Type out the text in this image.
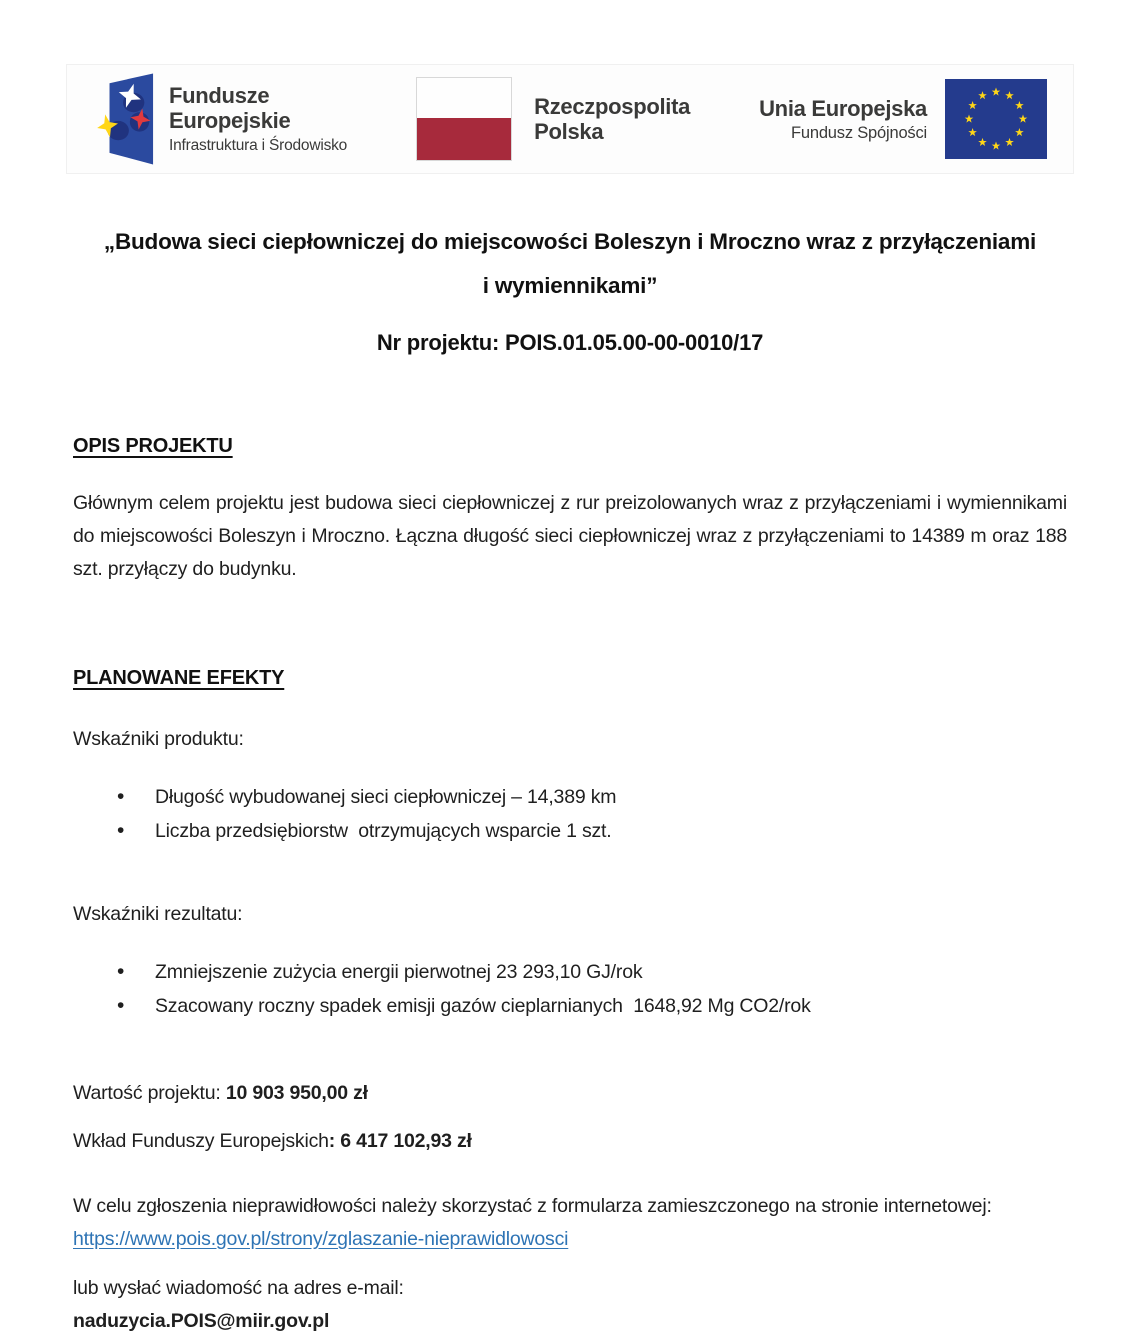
Fundusze
Europejskie
Infrastruktura i Środowisko
Rzeczpospolita
Polska
Unia Europejska
Fundusz Spójności
„Budowa sieci ciepłowniczej do miejscowości Boleszyn i Mroczno wraz z przyłączeniami
i wymiennikami”
Nr projektu: POIS.01.05.00-00-0010/17
OPIS PROJEKTU

Głównym celem projektu jest budowa sieci ciepłowniczej z rur preizolowanych wraz z przyłączeniami i wymiennikami do miejscowości Boleszyn i Mroczno. Łączna długość sieci ciepłowniczej wraz z przyłączeniami to 14389 m oraz 188 szt. przyłączy do budynku.

PLANOWANE EFEKTY
Wskaźniki produktu:
• Długość wybudowanej sieci ciepłowniczej – 14,389 km
• Liczba przedsiębiorstw  otrzymujących wsparcie 1 szt.
Wskaźniki rezultatu:
• Zmniejszenie zużycia energii pierwotnej 23 293,10 GJ/rok
• Szacowany roczny spadek emisji gazów cieplarnianych  1648,92 Mg CO2/rok
Wartość projektu: 10 903 950,00 zł
Wkład Funduszy Europejskich: 6 417 102,93 zł

W celu zgłoszenia nieprawidłowości należy skorzystać z formularza zamieszczonego na stronie internetowej:

https://www.pois.gov.pl/strony/zglaszanie-nieprawidlowosci
lub wysłać wiadomość na adres e-mail:
naduzycia.POIS@miir.gov.pl
